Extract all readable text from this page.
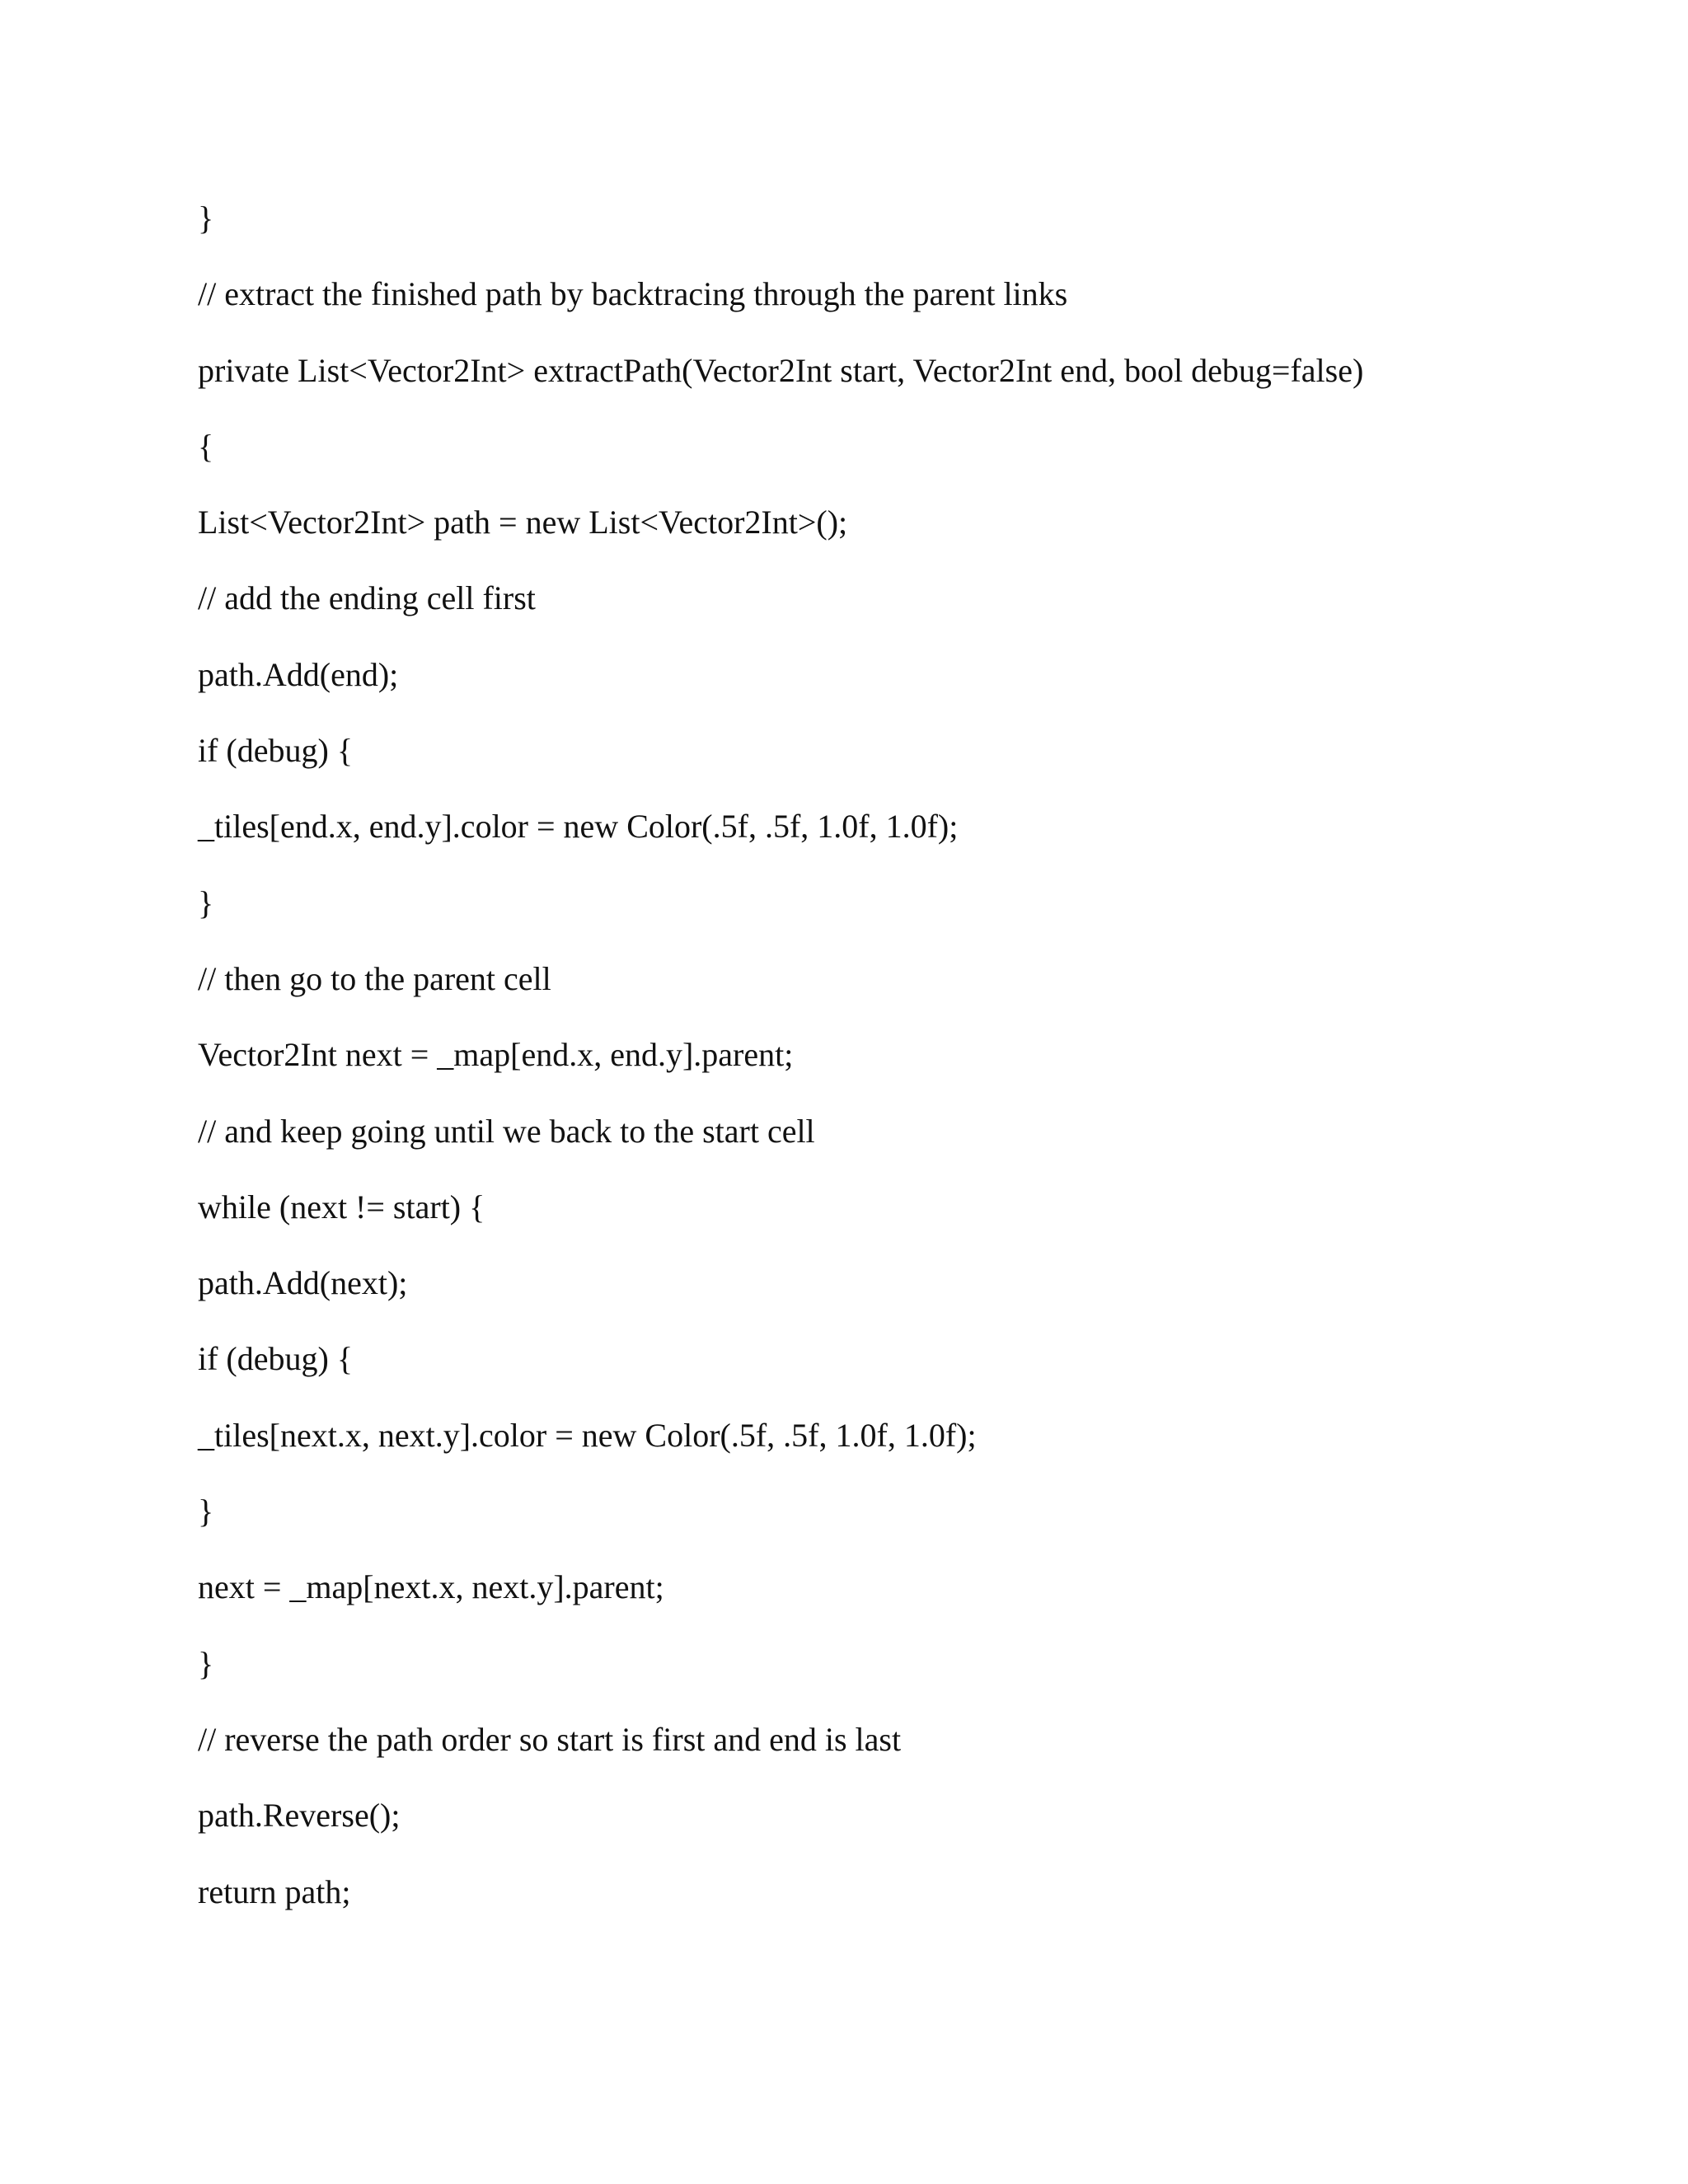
}
// extract the finished path by backtracing through the parent links
private List<Vector2Int> extractPath(Vector2Int start, Vector2Int end, bool debug=false)
{
List<Vector2Int> path = new List<Vector2Int>();
// add the ending cell first
path.Add(end);
if (debug) {
_tiles[end.x, end.y].color = new Color(.5f, .5f, 1.0f, 1.0f);
}
// then go to the parent cell
Vector2Int next = _map[end.x, end.y].parent;
// and keep going until we back to the start cell
while (next != start) {
path.Add(next);
if (debug) {
_tiles[next.x, next.y].color = new Color(.5f, .5f, 1.0f, 1.0f);
}
next = _map[next.x, next.y].parent;
}
// reverse the path order so start is first and end is last
path.Reverse();
return path;
